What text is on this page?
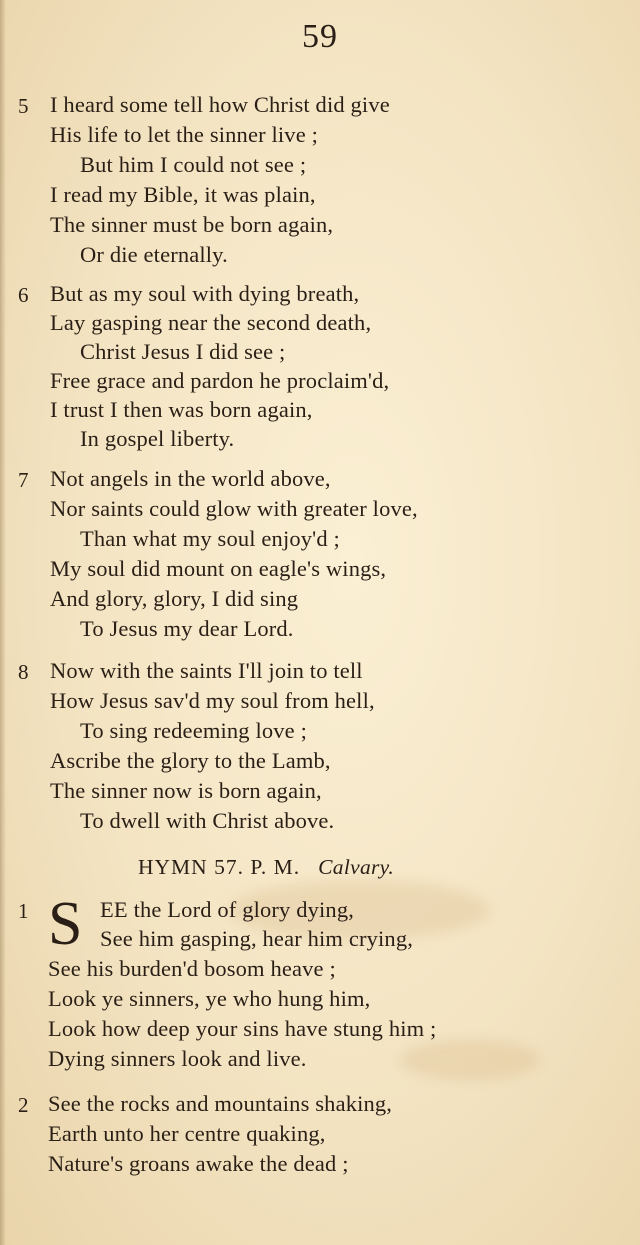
59
5 I heard some tell how Christ did give
His life to let the sinner live ;
But him I could not see ;
I read my Bible, it was plain,
The sinner must be born again,
Or die eternally.
6 But as my soul with dying breath,
Lay gasping near the second death,
Christ Jesus I did see ;
Free grace and pardon he proclaim'd,
I trust I then was born again,
In gospel liberty.
7 Not angels in the world above,
Nor saints could glow with greater love,
Than what my soul enjoy'd ;
My soul did mount on eagle's wings,
And glory, glory, I did sing
To Jesus my dear Lord.
8 Now with the saints I'll join to tell
How Jesus sav'd my soul from hell,
To sing redeeming love ;
Ascribe the glory to the Lamb,
The sinner now is born again,
To dwell with Christ above.
HYMN 57. P. M. Calvary.
1 S EE the Lord of glory dying,
See him gasping, hear him crying,
See his burden'd bosom heave ;
Look ye sinners, ye who hung him,
Look how deep your sins have stung him ;
Dying sinners look and live.
2 See the rocks and mountains shaking,
Earth unto her centre quaking,
Nature's groans awake the dead ;
